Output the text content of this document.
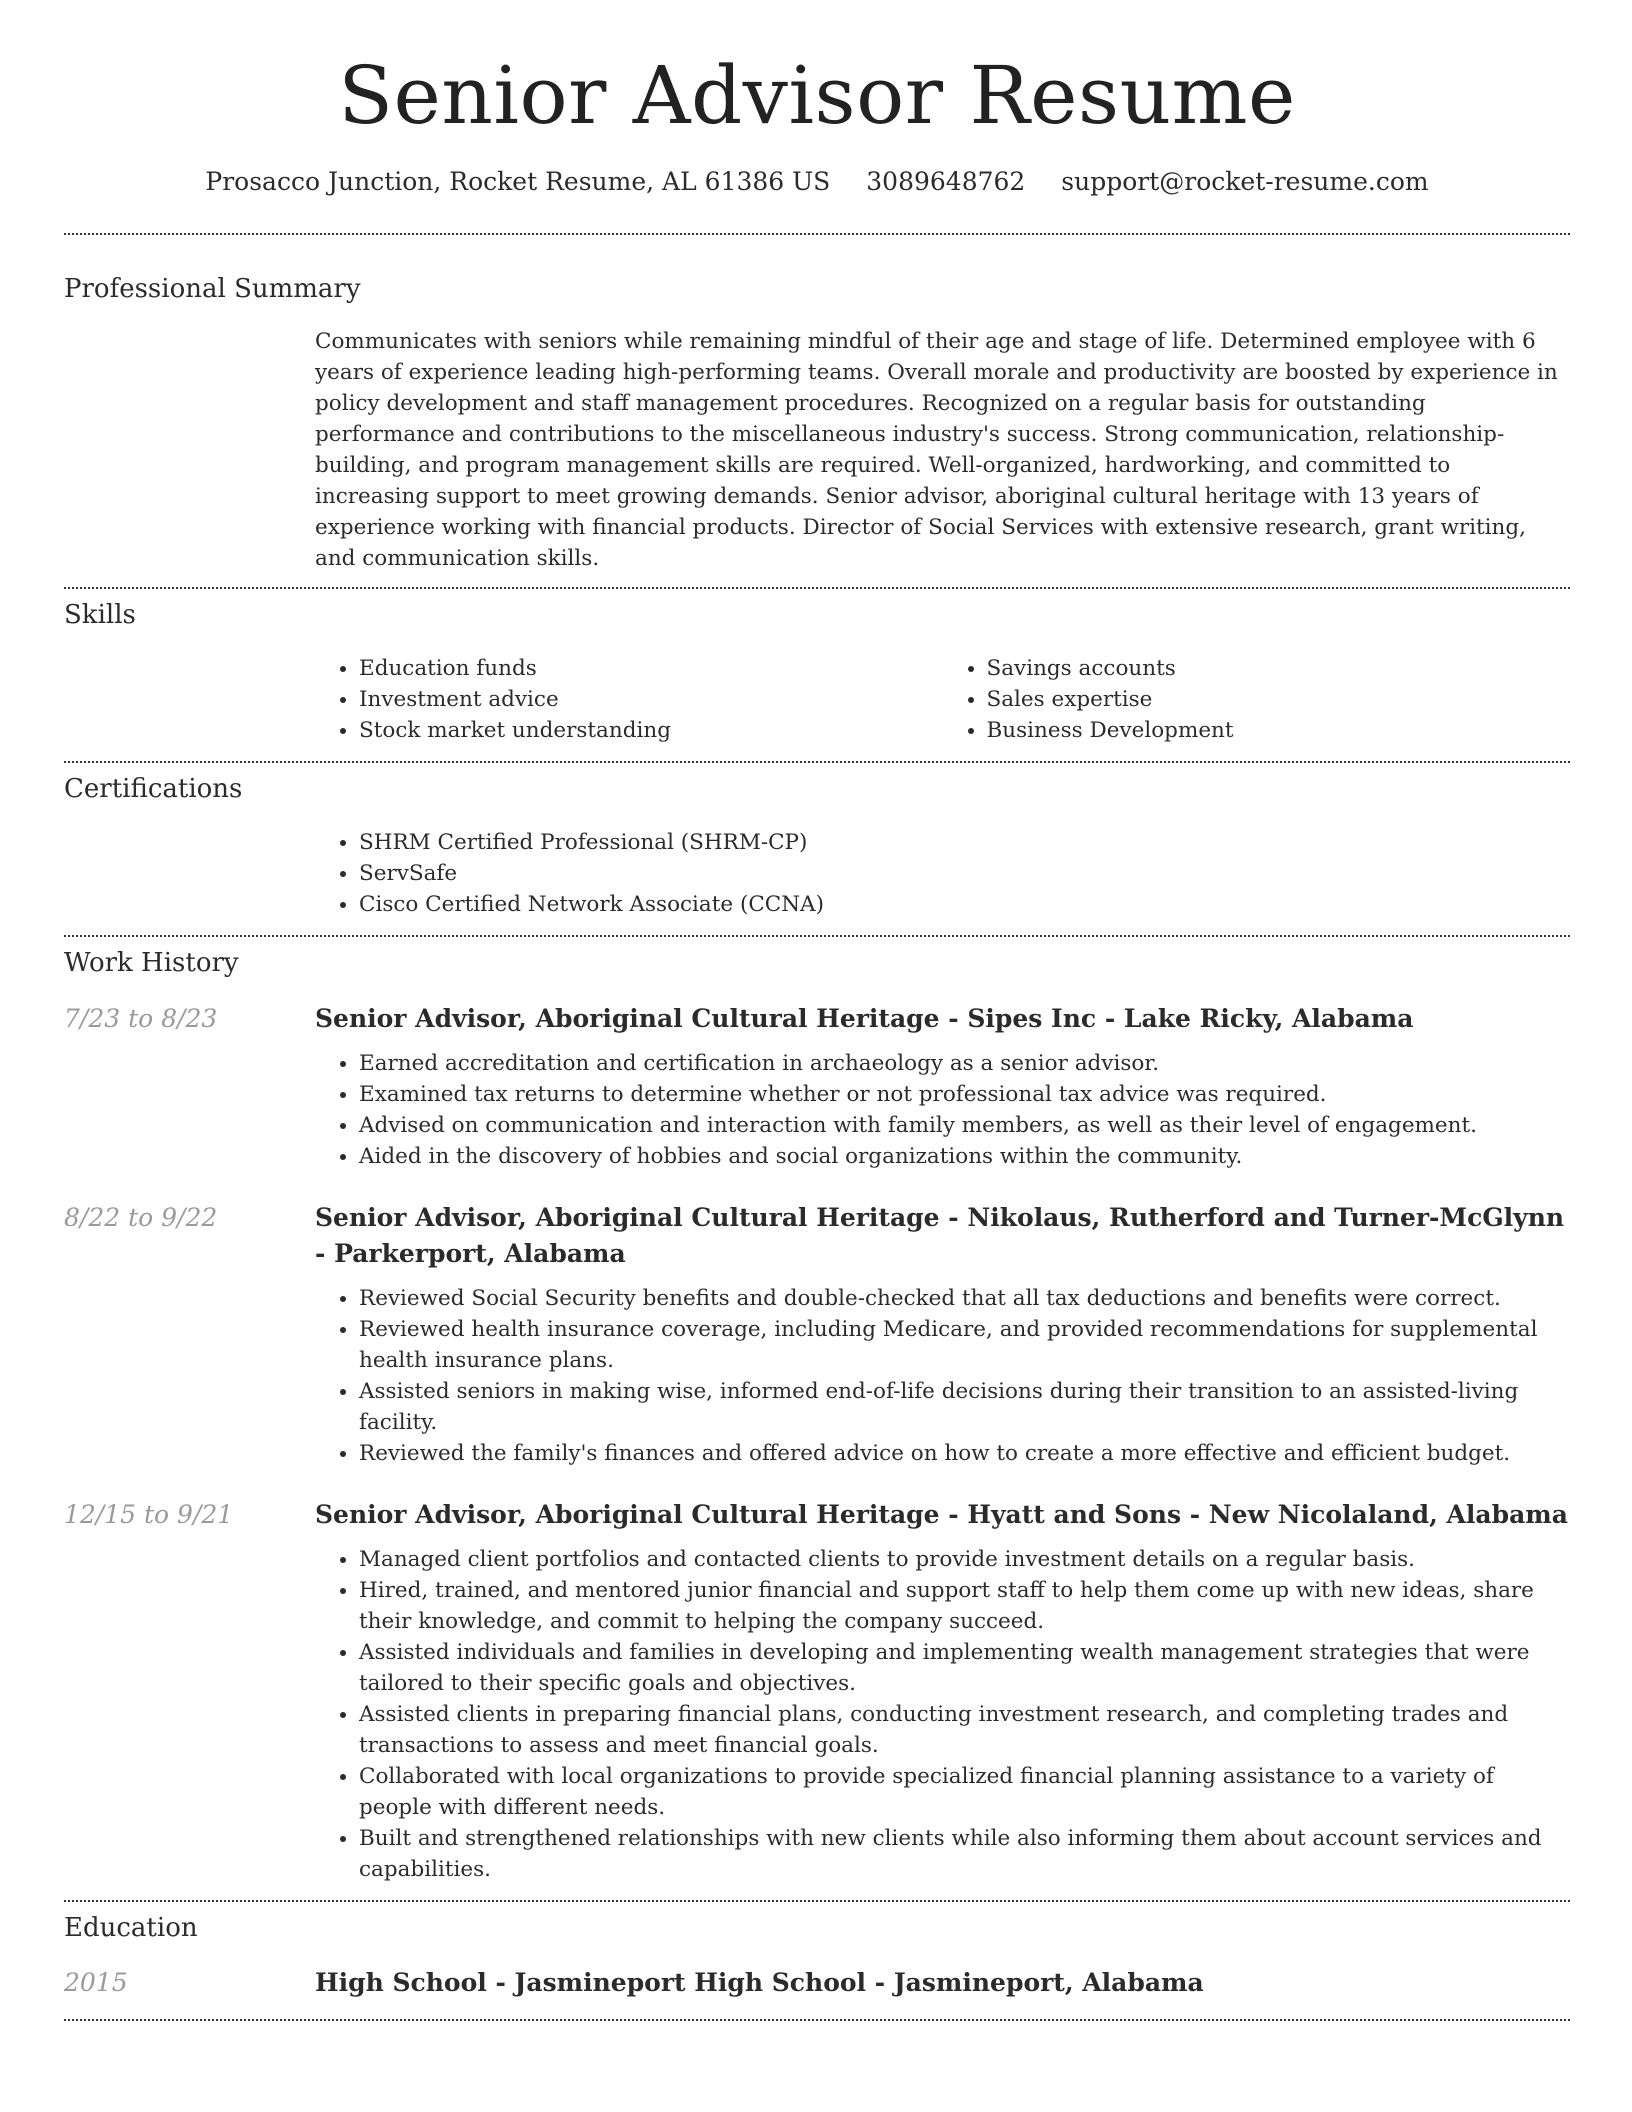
Senior Advisor Resume
Prosacco Junction, Rocket Resume, AL 61386 US 3089648762 support@rocket-resume.com
Professional Summary

Communicates with seniors while remaining mindful of their age and stage of life. Determined employee with 6 years of experience leading high-performing teams. Overall morale and productivity are boosted by experience in policy development and staff management procedures. Recognized on a regular basis for outstanding performance and contributions to the miscellaneous industry's success. Strong communication, relationship-building, and program management skills are required. Well-organized, hardworking, and committed to increasing support to meet growing demands. Senior advisor, aboriginal cultural heritage with 13 years of experience working with financial products. Director of Social Services with extensive research, grant writing, and communication skills.

Skills
• Education funds
• Investment advice
• Stock market understanding
• Savings accounts
• Sales expertise
• Business Development
Certifications
• SHRM Certified Professional (SHRM-CP)
• ServSafe
• Cisco Certified Network Associate (CCNA)
Work History
7/23 to 8/23	Senior Advisor, Aboriginal Cultural Heritage - Sipes Inc - Lake Ricky, Alabama
• Earned accreditation and certification in archaeology as a senior advisor.
• Examined tax returns to determine whether or not professional tax advice was required.
• Advised on communication and interaction with family members, as well as their level of engagement.
• Aided in the discovery of hobbies and social organizations within the community.
8/22 to 9/22	Senior Advisor, Aboriginal Cultural Heritage - Nikolaus, Rutherford and Turner-McGlynn - Parkerport, Alabama
• Reviewed Social Security benefits and double-checked that all tax deductions and benefits were correct.
• Reviewed health insurance coverage, including Medicare, and provided recommendations for supplemental health insurance plans.
• Assisted seniors in making wise, informed end-of-life decisions during their transition to an assisted-living facility.
• Reviewed the family's finances and offered advice on how to create a more effective and efficient budget.
12/15 to 9/21	Senior Advisor, Aboriginal Cultural Heritage - Hyatt and Sons - New Nicolaland, Alabama
• Managed client portfolios and contacted clients to provide investment details on a regular basis.
• Hired, trained, and mentored junior financial and support staff to help them come up with new ideas, share their knowledge, and commit to helping the company succeed.
• Assisted individuals and families in developing and implementing wealth management strategies that were tailored to their specific goals and objectives.
• Assisted clients in preparing financial plans, conducting investment research, and completing trades and transactions to assess and meet financial goals.
• Collaborated with local organizations to provide specialized financial planning assistance to a variety of people with different needs.
• Built and strengthened relationships with new clients while also informing them about account services and capabilities.
Education
2015	High School - Jasmineport High School - Jasmineport, Alabama
